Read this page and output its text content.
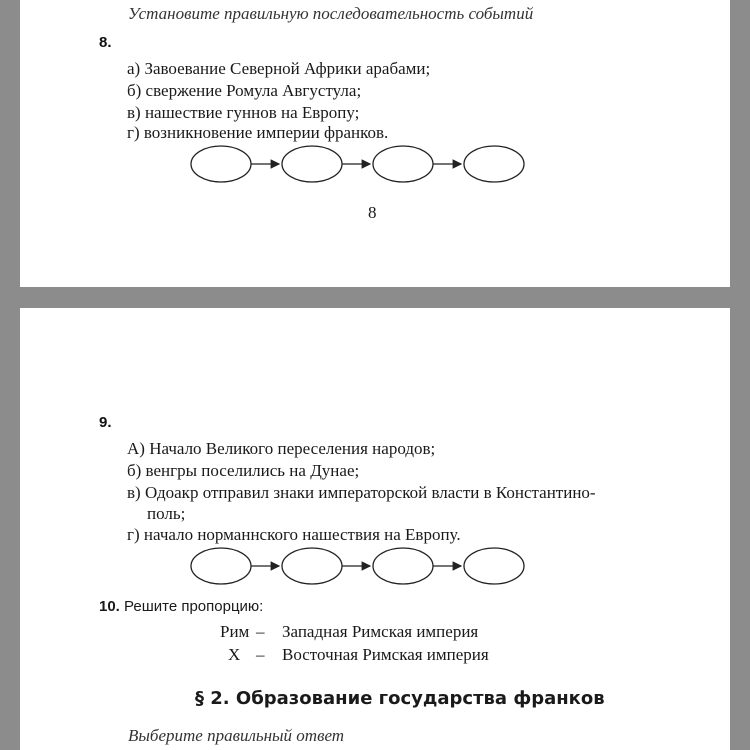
Установите правильную последовательность событий
8.
а) Завоевание Северной Африки арабами;
б) свержение Ромула Августула;
в) нашествие гуннов на Европу;
г) возникновение империи франков.
8
9.
А) Начало Великого переселения народов;
б) венгры поселились на Дунае;
в) Одоакр отправил знаки императорской власти в Константино-
поль;
г) начало норманнского нашествия на Европу.
10. Решите пропорцию:
Рим – Западная Римская империя
Х – Восточная Римская империя
§ 2. Образование государства франков
Выберите правильный ответ
